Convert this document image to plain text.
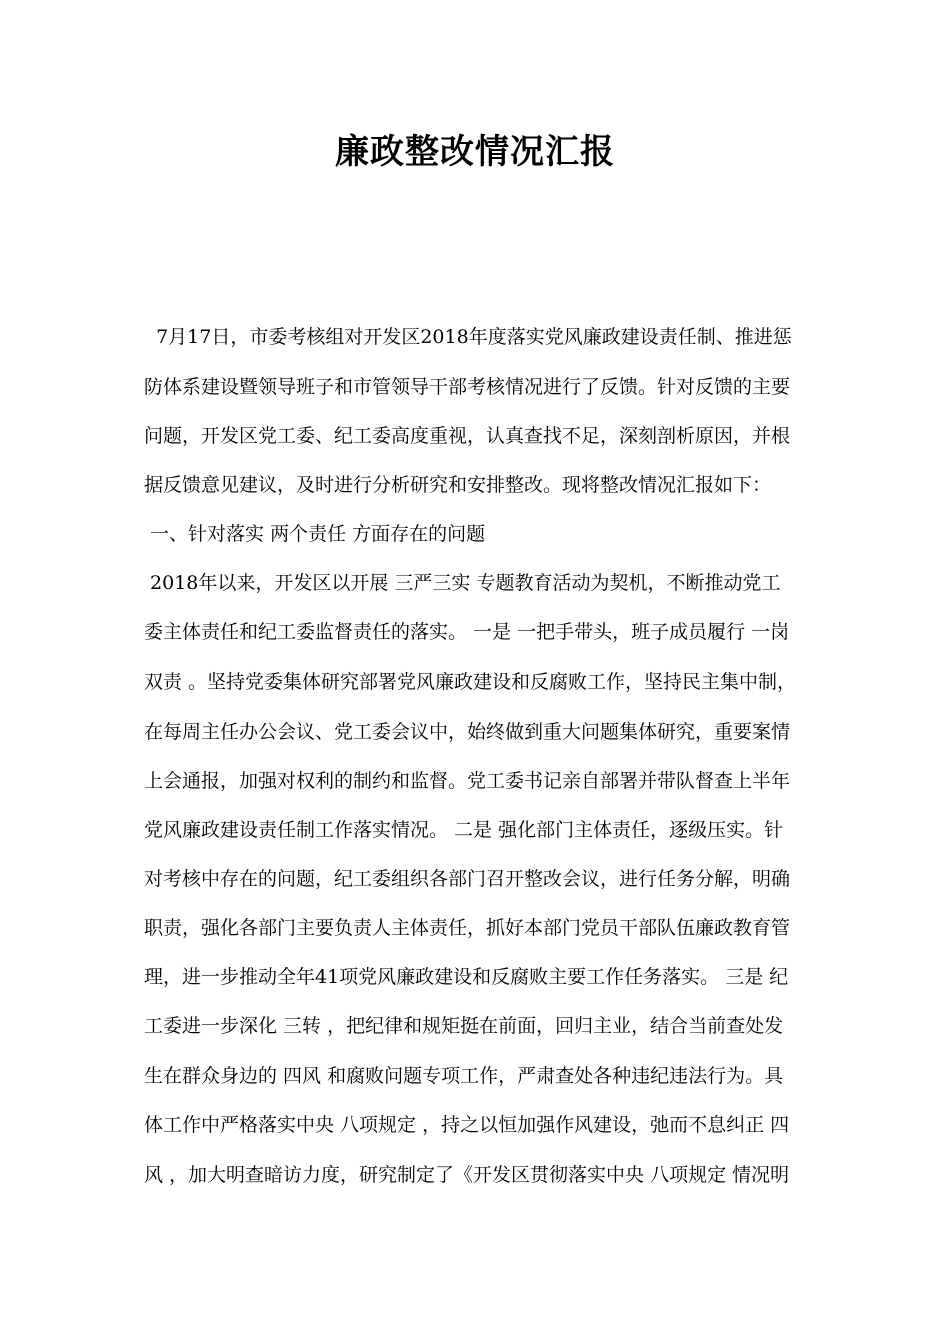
廉政整改情况汇报
7月17日，市委考核组对开发区2018年度落实党风廉政建设责任制、推进惩
防体系建设暨领导班子和市管领导干部考核情况进行了反馈。针对反馈的主要
问题，开发区党工委、纪工委高度重视，认真查找不足，深刻剖析原因，并根
据反馈意见建议，及时进行分析研究和安排整改。现将整改情况汇报如下：
一、针对落实 两个责任 方面存在的问题
2018年以来，开发区以开展 三严三实 专题教育活动为契机，不断推动党工
委主体责任和纪工委监督责任的落实。 一是 一把手带头，班子成员履行 一岗
双责 。坚持党委集体研究部署党风廉政建设和反腐败工作，坚持民主集中制，
在每周主任办公会议、党工委会议中，始终做到重大问题集体研究，重要案情
上会通报，加强对权利的制约和监督。党工委书记亲自部署并带队督查上半年
党风廉政建设责任制工作落实情况。 二是 强化部门主体责任，逐级压实。针
对考核中存在的问题，纪工委组织各部门召开整改会议，进行任务分解，明确
职责，强化各部门主要负责人主体责任，抓好本部门党员干部队伍廉政教育管
理，进一步推动全年41项党风廉政建设和反腐败主要工作任务落实。 三是 纪
工委进一步深化 三转 ，把纪律和规矩挺在前面，回归主业，结合当前查处发
生在群众身边的 四风 和腐败问题专项工作，严肃查处各种违纪违法行为。具
体工作中严格落实中央 八项规定 ，持之以恒加强作风建设，弛而不息纠正 四
风 ，加大明查暗访力度，研究制定了《开发区贯彻落实中央 八项规定 情况明
